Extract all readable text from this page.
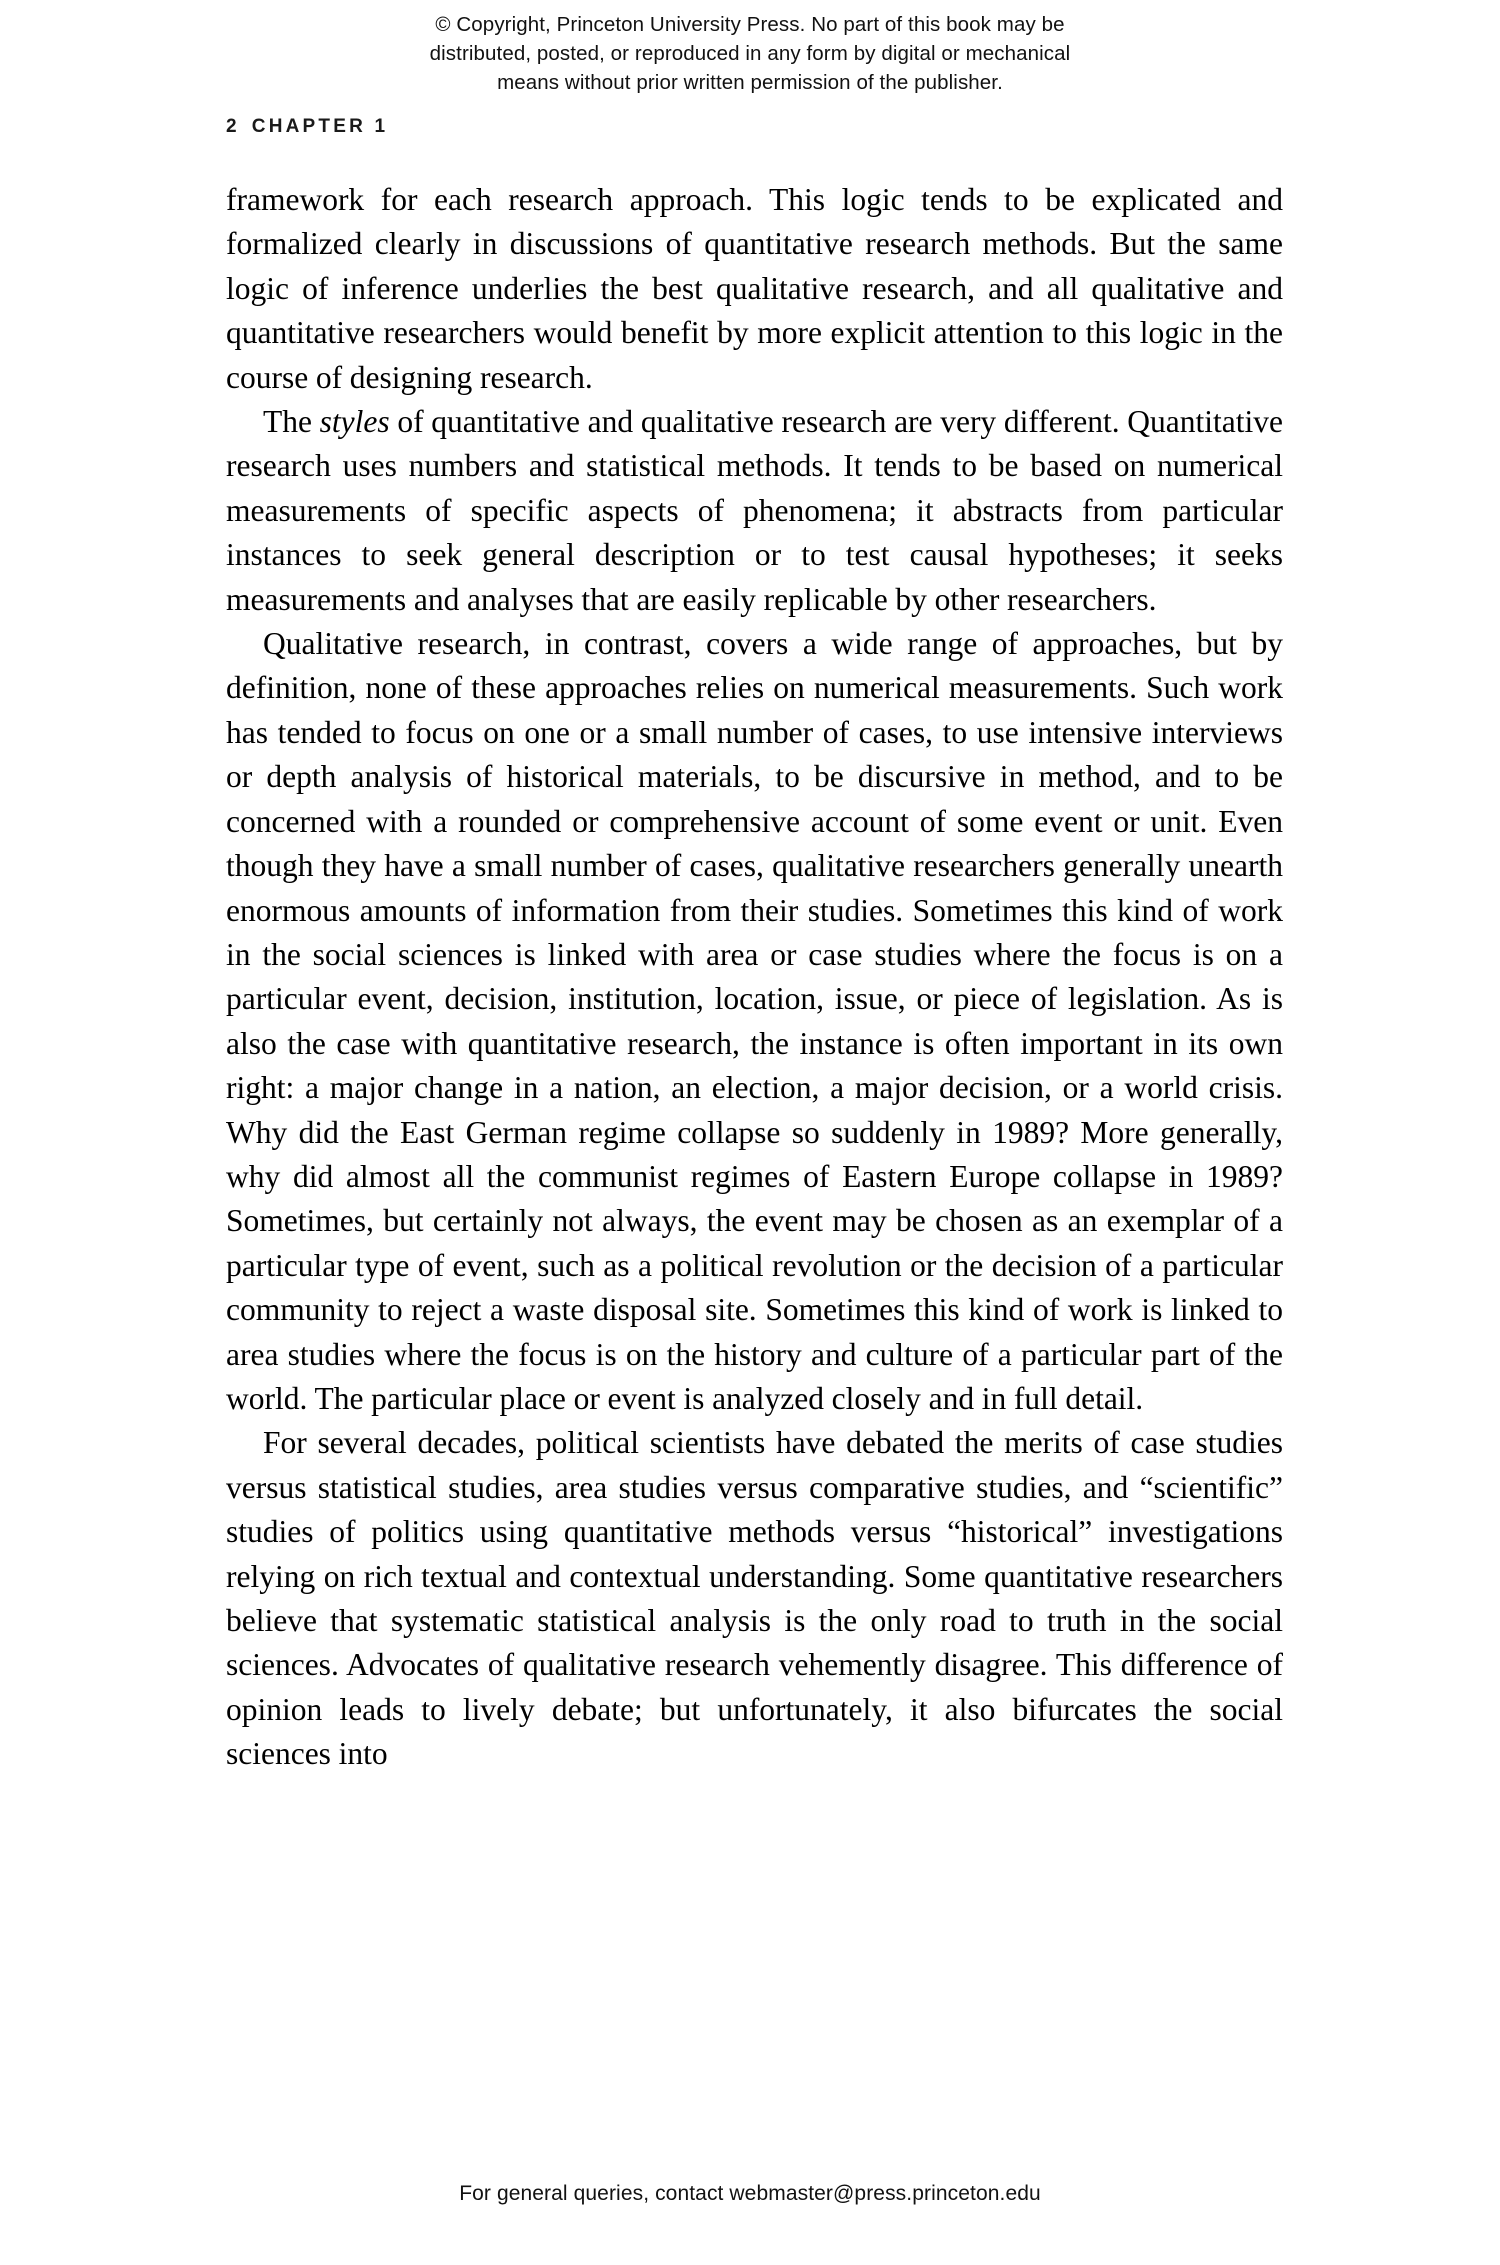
© Copyright, Princeton University Press. No part of this book may be
distributed, posted, or reproduced in any form by digital or mechanical
means without prior written permission of the publisher.
2 CHAPTER 1

framework for each research approach. This logic tends to be explicated and formalized clearly in discussions of quantitative research methods. But the same logic of inference underlies the best qualitative research, and all qualitative and quantitative researchers would benefit by more explicit attention to this logic in the course of designing research.

The styles of quantitative and qualitative research are very different. Quantitative research uses numbers and statistical methods. It tends to be based on numerical measurements of specific aspects of phenomena; it abstracts from particular instances to seek general description or to test causal hypotheses; it seeks measurements and analyses that are easily replicable by other researchers.

Qualitative research, in contrast, covers a wide range of approaches, but by definition, none of these approaches relies on numerical measurements. Such work has tended to focus on one or a small number of cases, to use intensive interviews or depth analysis of historical materials, to be discursive in method, and to be concerned with a rounded or comprehensive account of some event or unit. Even though they have a small number of cases, qualitative researchers generally unearth enormous amounts of information from their studies. Sometimes this kind of work in the social sciences is linked with area or case studies where the focus is on a particular event, decision, institution, location, issue, or piece of legislation. As is also the case with quantitative research, the instance is often important in its own right: a major change in a nation, an election, a major decision, or a world crisis. Why did the East German regime collapse so suddenly in 1989? More generally, why did almost all the communist regimes of Eastern Europe collapse in 1989? Sometimes, but certainly not always, the event may be chosen as an exemplar of a particular type of event, such as a political revolution or the decision of a particular community to reject a waste disposal site. Sometimes this kind of work is linked to area studies where the focus is on the history and culture of a particular part of the world. The particular place or event is analyzed closely and in full detail.

For several decades, political scientists have debated the merits of case studies versus statistical studies, area studies versus comparative studies, and “scientific” studies of politics using quantitative methods versus “historical” investigations relying on rich textual and contextual understanding. Some quantitative researchers believe that systematic statistical analysis is the only road to truth in the social sciences. Advocates of qualitative research vehemently disagree. This difference of opinion leads to lively debate; but unfortunately, it also bifurcates the social sciences into

For general queries, contact webmaster@press.princeton.edu
